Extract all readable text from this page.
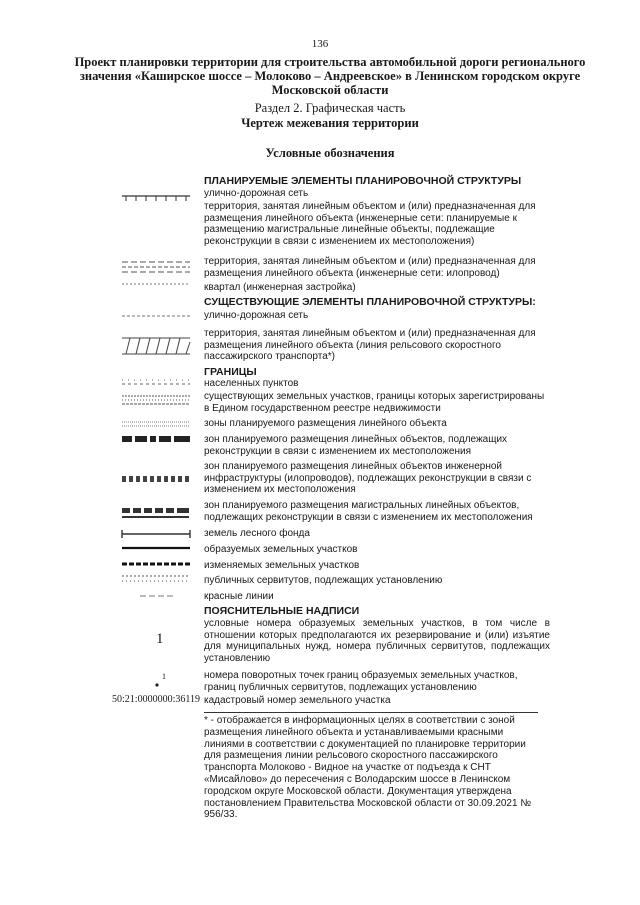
136
Проект планировки территории для строительства автомобильной дороги регионального значения «Каширское шоссе – Молоково – Андреевское» в Ленинском городском округе Московской области
Раздел 2. Графическая часть
Чертеж межевания территории
Условные обозначения
1
1
50:21:0000000:36119
ПЛАНИРУЕМЫЕ ЭЛЕМЕНТЫ ПЛАНИРОВОЧНОЙ СТРУКТУРЫ
улично-дорожная сеть
территория, занятая линейным объектом и (или) предназначенная для размещения линейного объекта (инженерные сети: планируемые к размещению магистральные линейные объекты, подлежащие реконструкции в связи с изменением их местоположения)
территория, занятая линейным объектом и (или) предназначенная для размещения линейного объекта (инженерные сети: илопровод)
квартал (инженерная застройка)
СУЩЕСТВУЮЩИЕ ЭЛЕМЕНТЫ ПЛАНИРОВОЧНОЙ СТРУКТУРЫ:
улично-дорожная сеть
территория, занятая линейным объектом и (или) предназначенная для размещения линейного объекта (линия рельсового скоростного пассажирского транспорта*)
ГРАНИЦЫ
населенных пунктов
существующих земельных участков, границы которых зарегистрированы в Едином государственном реестре недвижимости
зоны планируемого размещения линейного объекта
зон планируемого размещения линейных объектов, подлежащих реконструкции в связи с изменением их местоположения
зон планируемого размещения линейных объектов инженерной инфраструктуры (илопроводов), подлежащих реконструкции в связи с изменением их местоположения
зон планируемого размещения магистральных линейных объектов, подлежащих реконструкции в связи с изменением их местоположения
земель лесного фонда
образуемых земельных участков
изменяемых земельных участков
публичных сервитутов, подлежащих установлению
красные линии
ПОЯСНИТЕЛЬНЫЕ НАДПИСИ
условные номера образуемых земельных участков, в том числе в отношении которых предполагаются их резервирование и (или) изъятие для муниципальных нужд, номера публичных сервитутов, подлежащих установлению
номера поворотных точек границ образуемых земельных участков, границ публичных сервитутов, подлежащих установлению
кадастровый номер земельного участка
* - отображается в информационных целях в соответствии с зоной размещения линейного объекта и устанавливаемыми красными линиями в соответствии с документацией по планировке территории для размещения линии рельсового скоростного пассажирского транспорта Молоково - Видное на участке от подъезда к СНТ «Мисайлово» до пересечения с Володарским шоссе в Ленинском городском округе Московской области. Документация утверждена постановлением Правительства Московской области от 30.09.2021 № 956/33.
